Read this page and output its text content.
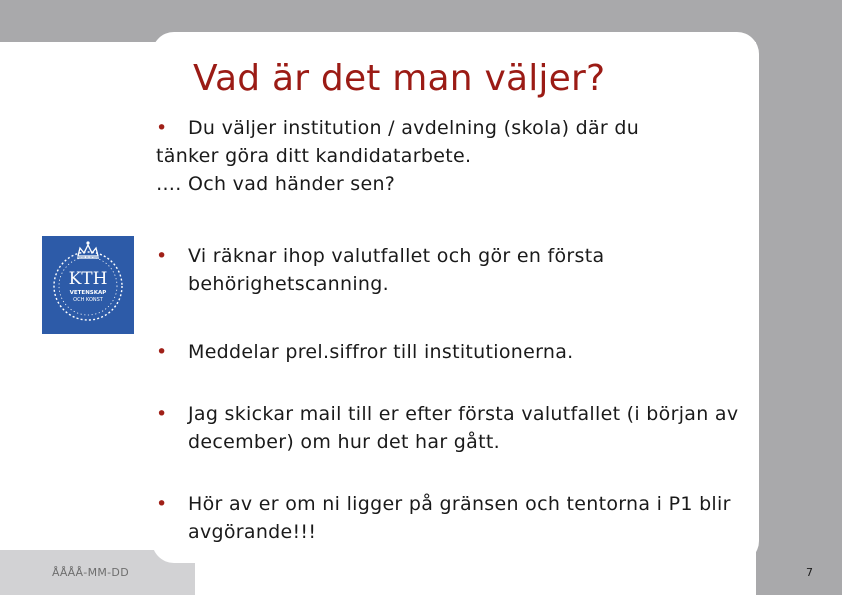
Vad är det man väljer?

• Du väljer institution / avdelning (skola) där du

tänker göra ditt kandidatarbete.

…. Och vad händer sen?

•	Vi räknar ihop valutfallet och gör en första behörighetscanning.
•	Meddelar prel.siffror till institutionerna.
•	Jag skickar mail till er efter första valutfallet (i början av december) om hur det har gått.
•	Hör av er om ni ligger på gränsen och tentorna i P1 blir avgörande!!!
KTH
VETENSKAP
OCH KONST
ÅÅÅÅ-MM-DD	7
